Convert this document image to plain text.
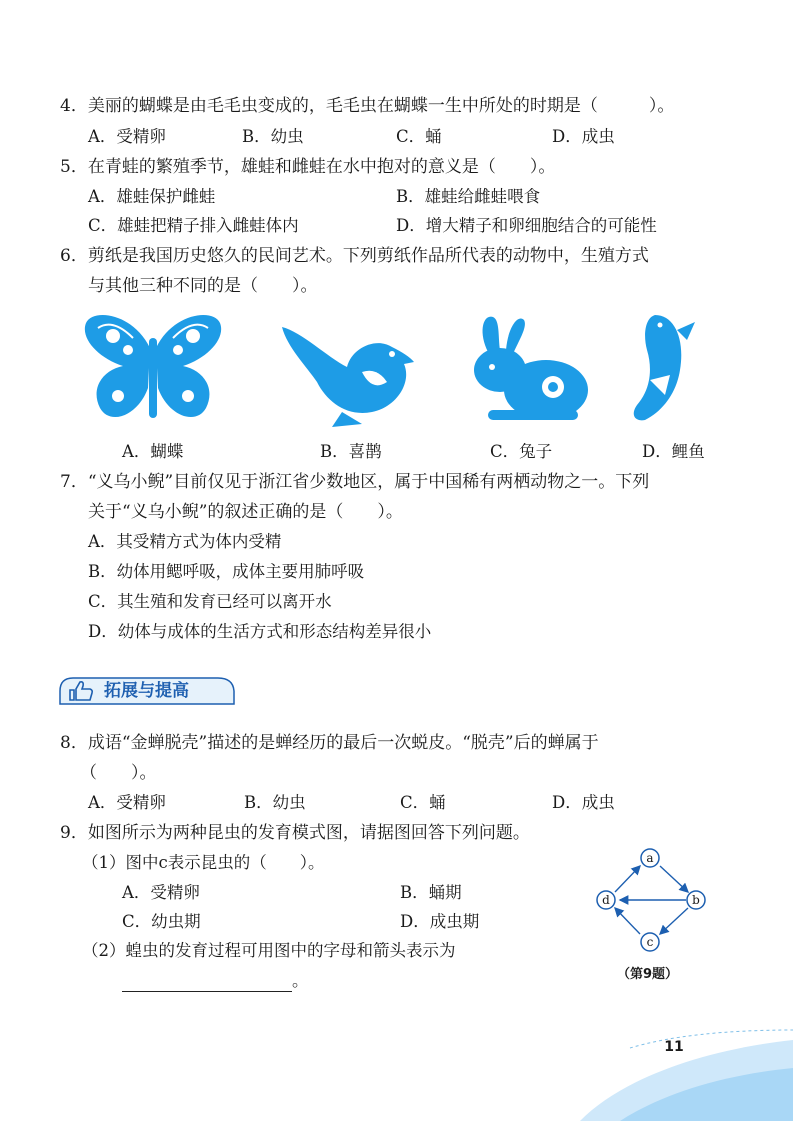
4．美丽的蝴蝶是由毛毛虫变成的，毛毛虫在蝴蝶一生中所处的时期是（　　　）。
A．受精卵	B．幼虫	C．蛹	D．成虫
5．在青蛙的繁殖季节，雄蛙和雌蛙在水中抱对的意义是（　　）。
A．雄蛙保护雌蛙	B．雄蛙给雌蛙喂食
C．雄蛙把精子排入雌蛙体内	D．增大精子和卵细胞结合的可能性
6．剪纸是我国历史悠久的民间艺术。下列剪纸作品所代表的动物中，生殖方式
与其他三种不同的是（　　）。
A．蝴蝶	B．喜鹊	C．兔子	D．鲤鱼
7．“义乌小鲵”目前仅见于浙江省少数地区，属于中国稀有两栖动物之一。下列
关于“义乌小鲵”的叙述正确的是（　　）。
A．其受精方式为体内受精
B．幼体用鳃呼吸，成体主要用肺呼吸
C．其生殖和发育已经可以离开水
D．幼体与成体的生活方式和形态结构差异很小
拓展与提高
8．成语“金蝉脱壳”描述的是蝉经历的最后一次蜕皮。“脱壳”后的蝉属于
（　　）。
A．受精卵	B．幼虫	C．蛹	D．成虫
9．如图所示为两种昆虫的发育模式图，请据图回答下列问题。
（1）图中c表示昆虫的（　　）。
A．受精卵	B．蛹期
C．幼虫期	D．成虫期
（2）蝗虫的发育过程可用图中的字母和箭头表示为
。
a
b
c
d
（第9题）
11
